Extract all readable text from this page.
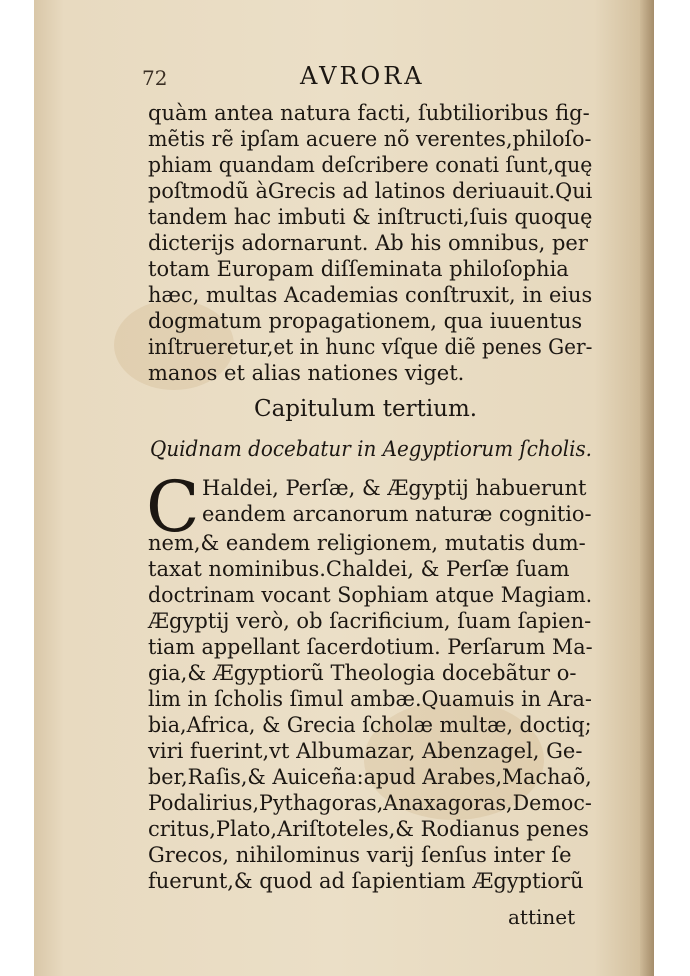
72	AVRORA
quàm antea natura facti, ſubtilioribus fig-
mẽtis rẽ ipſam acuere nõ verentes,philoſo-
phiam quandam deſcribere conati ſunt,quę
poſtmodũ àGrecis ad latinos deriuauit.Qui
tandem hac imbuti & inſtructi,ſuis quoquę
dicterijs adornarunt. Ab his omnibus, per
totam Europam diſſeminata philoſophia
hæc, multas Academias conſtruxit, in eius
dogmatum propagationem, qua iuuentus
inſtrueretur,et in hunc vſque diẽ penes Ger-
manos et alias nationes viget.
Capitulum tertium.
Quidnam docebatur in Aegyptiorum ſcholis.
C Haldei, Perſæ, & Ægyptij habuerunt
eandem arcanorum naturæ cognitio-
nem,& eandem religionem, mutatis dum-
taxat nominibus.Chaldei, & Perſæ ſuam
doctrinam vocant Sophiam atque Magiam.
Ægyptij verò, ob ſacrificium, ſuam ſapien-
tiam appellant ſacerdotium. Perſarum Ma-
gia,& Ægyptiorũ Theologia docebãtur o-
lim in ſcholis ſimul ambæ.Quamuis in Ara-
bia,Africa, & Grecia ſcholæ multæ, doctiq;
viri fuerint,vt Albumazar, Abenzagel, Ge-
ber,Raſis,& Auiceña:apud Arabes,Machaõ,
Podalirius,Pythagoras,Anaxagoras,Democ-
critus,Plato,Ariſtoteles,& Rodianus penes
Grecos, nihilominus varij ſenſus inter ſe
fuerunt,& quod ad ſapientiam Ægyptiorũ
attinet
